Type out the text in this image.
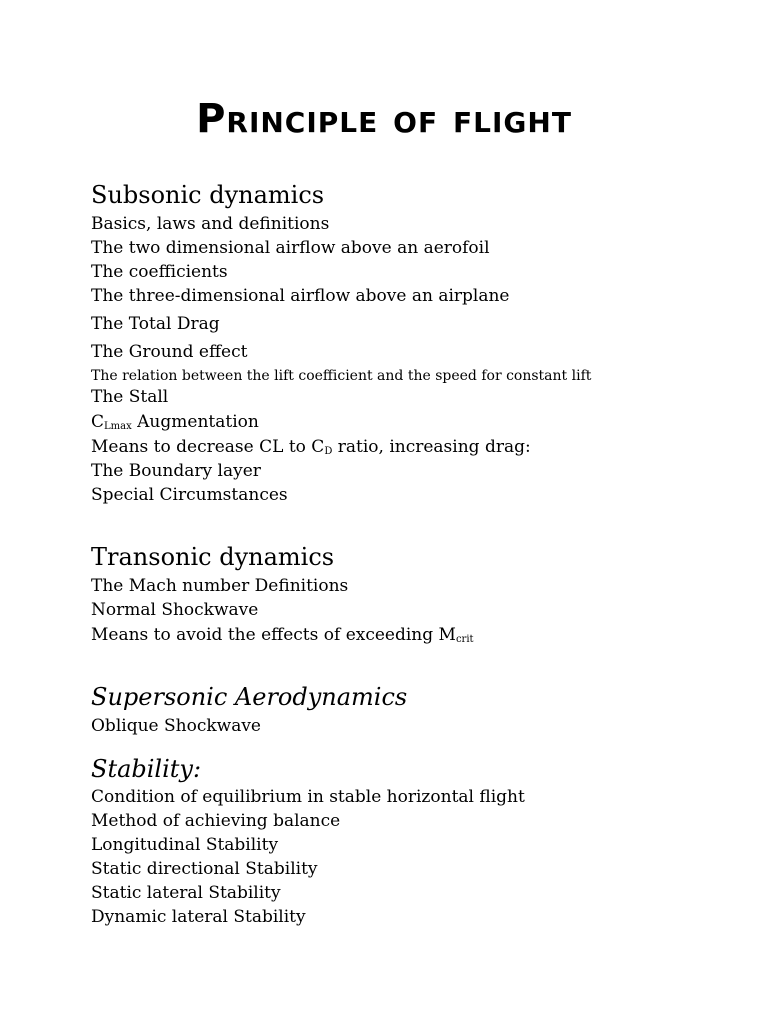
Principle of flight
Subsonic dynamics
Basics, laws and definitions
The two dimensional airflow above an aerofoil
The coefficients
The three-dimensional airflow above an airplane
The Total Drag
The Ground effect
The relation between the lift coefficient and the speed for constant lift
The Stall
$C_{Lmax}$ Augmentation
Means to decrease CL to $C_D$ ratio, increasing drag:
The Boundary layer
Special Circumstances
Transonic dynamics
The Mach number Definitions
Normal Shockwave
Means to avoid the effects of exceeding $M_{crit}$
Supersonic Aerodynamics
Oblique Shockwave
Stability:
Condition of equilibrium in stable horizontal flight
Method of achieving balance
Longitudinal Stability
Static directional Stability
Static lateral Stability
Dynamic lateral Stability
